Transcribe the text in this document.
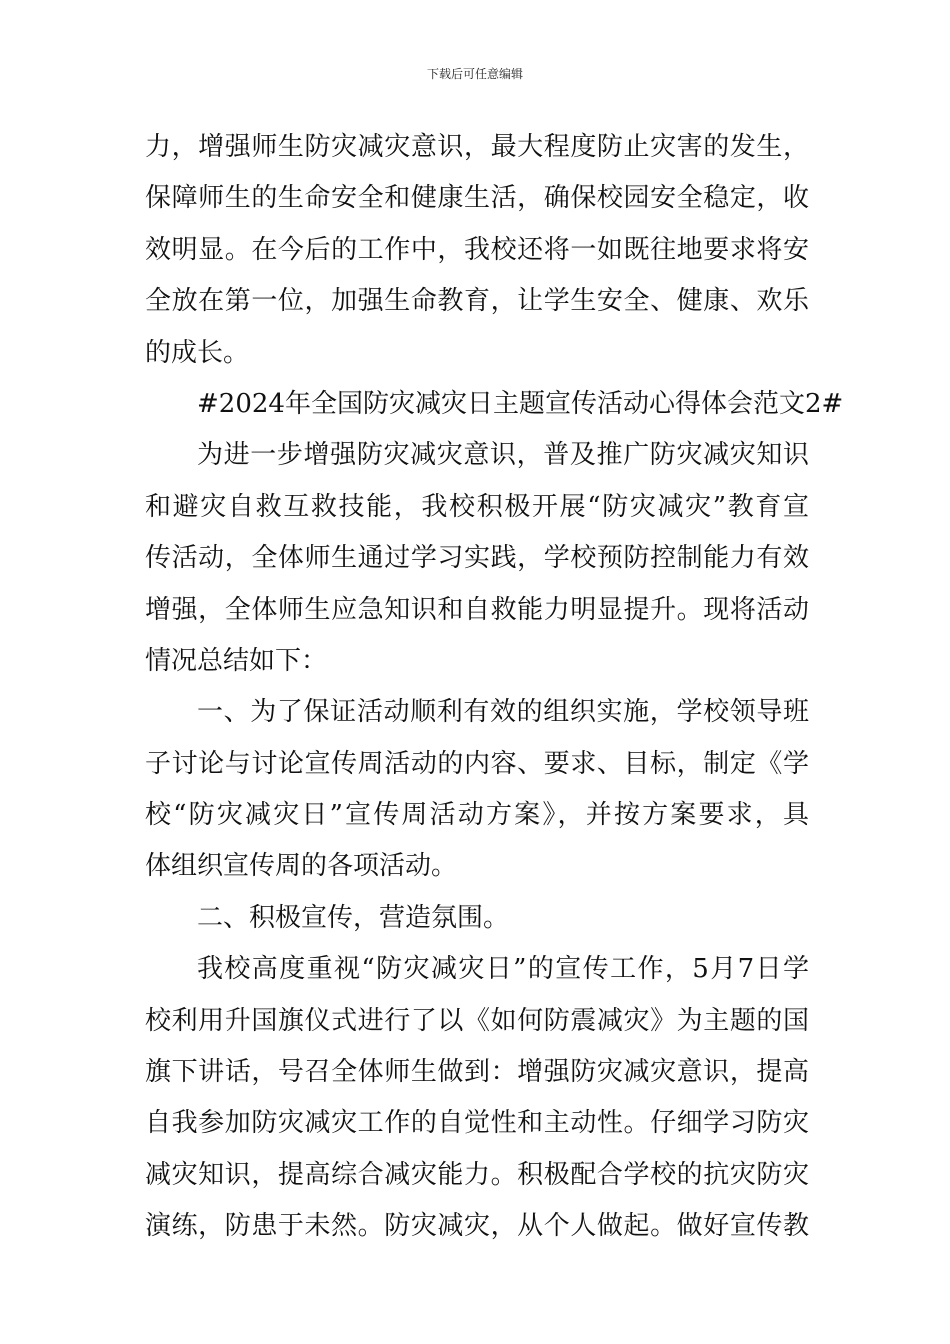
下载后可任意编辑
力，增强师生防灾减灾意识，最大程度防止灾害的发生，
保障师生的生命安全和健康生活，确保校园安全稳定，收
效明显。在今后的工作中，我校还将一如既往地要求将安
全放在第一位，加强生命教育，让学生安全、健康、欢乐
的成长。
#2024年全国防灾减灾日主题宣传活动心得体会范文2#
为进一步增强防灾减灾意识，普及推广防灾减灾知识
和避灾自救互救技能，我校积极开展“防灾减灾”教育宣
传活动，全体师生通过学习实践，学校预防控制能力有效
增强，全体师生应急知识和自救能力明显提升。现将活动
情况总结如下：
一、为了保证活动顺利有效的组织实施，学校领导班
子讨论与讨论宣传周活动的内容、要求、目标，制定《学
校“防灾减灾日”宣传周活动方案》，并按方案要求，具
体组织宣传周的各项活动。
二、积极宣传，营造氛围。
我校高度重视“防灾减灾日”的宣传工作，5月7日学
校利用升国旗仪式进行了以《如何防震减灾》为主题的国
旗下讲话，号召全体师生做到：增强防灾减灾意识，提高
自我参加防灾减灾工作的自觉性和主动性。仔细学习防灾
减灾知识，提高综合减灾能力。积极配合学校的抗灾防灾
演练，防患于未然。防灾减灾，从个人做起。做好宣传教
